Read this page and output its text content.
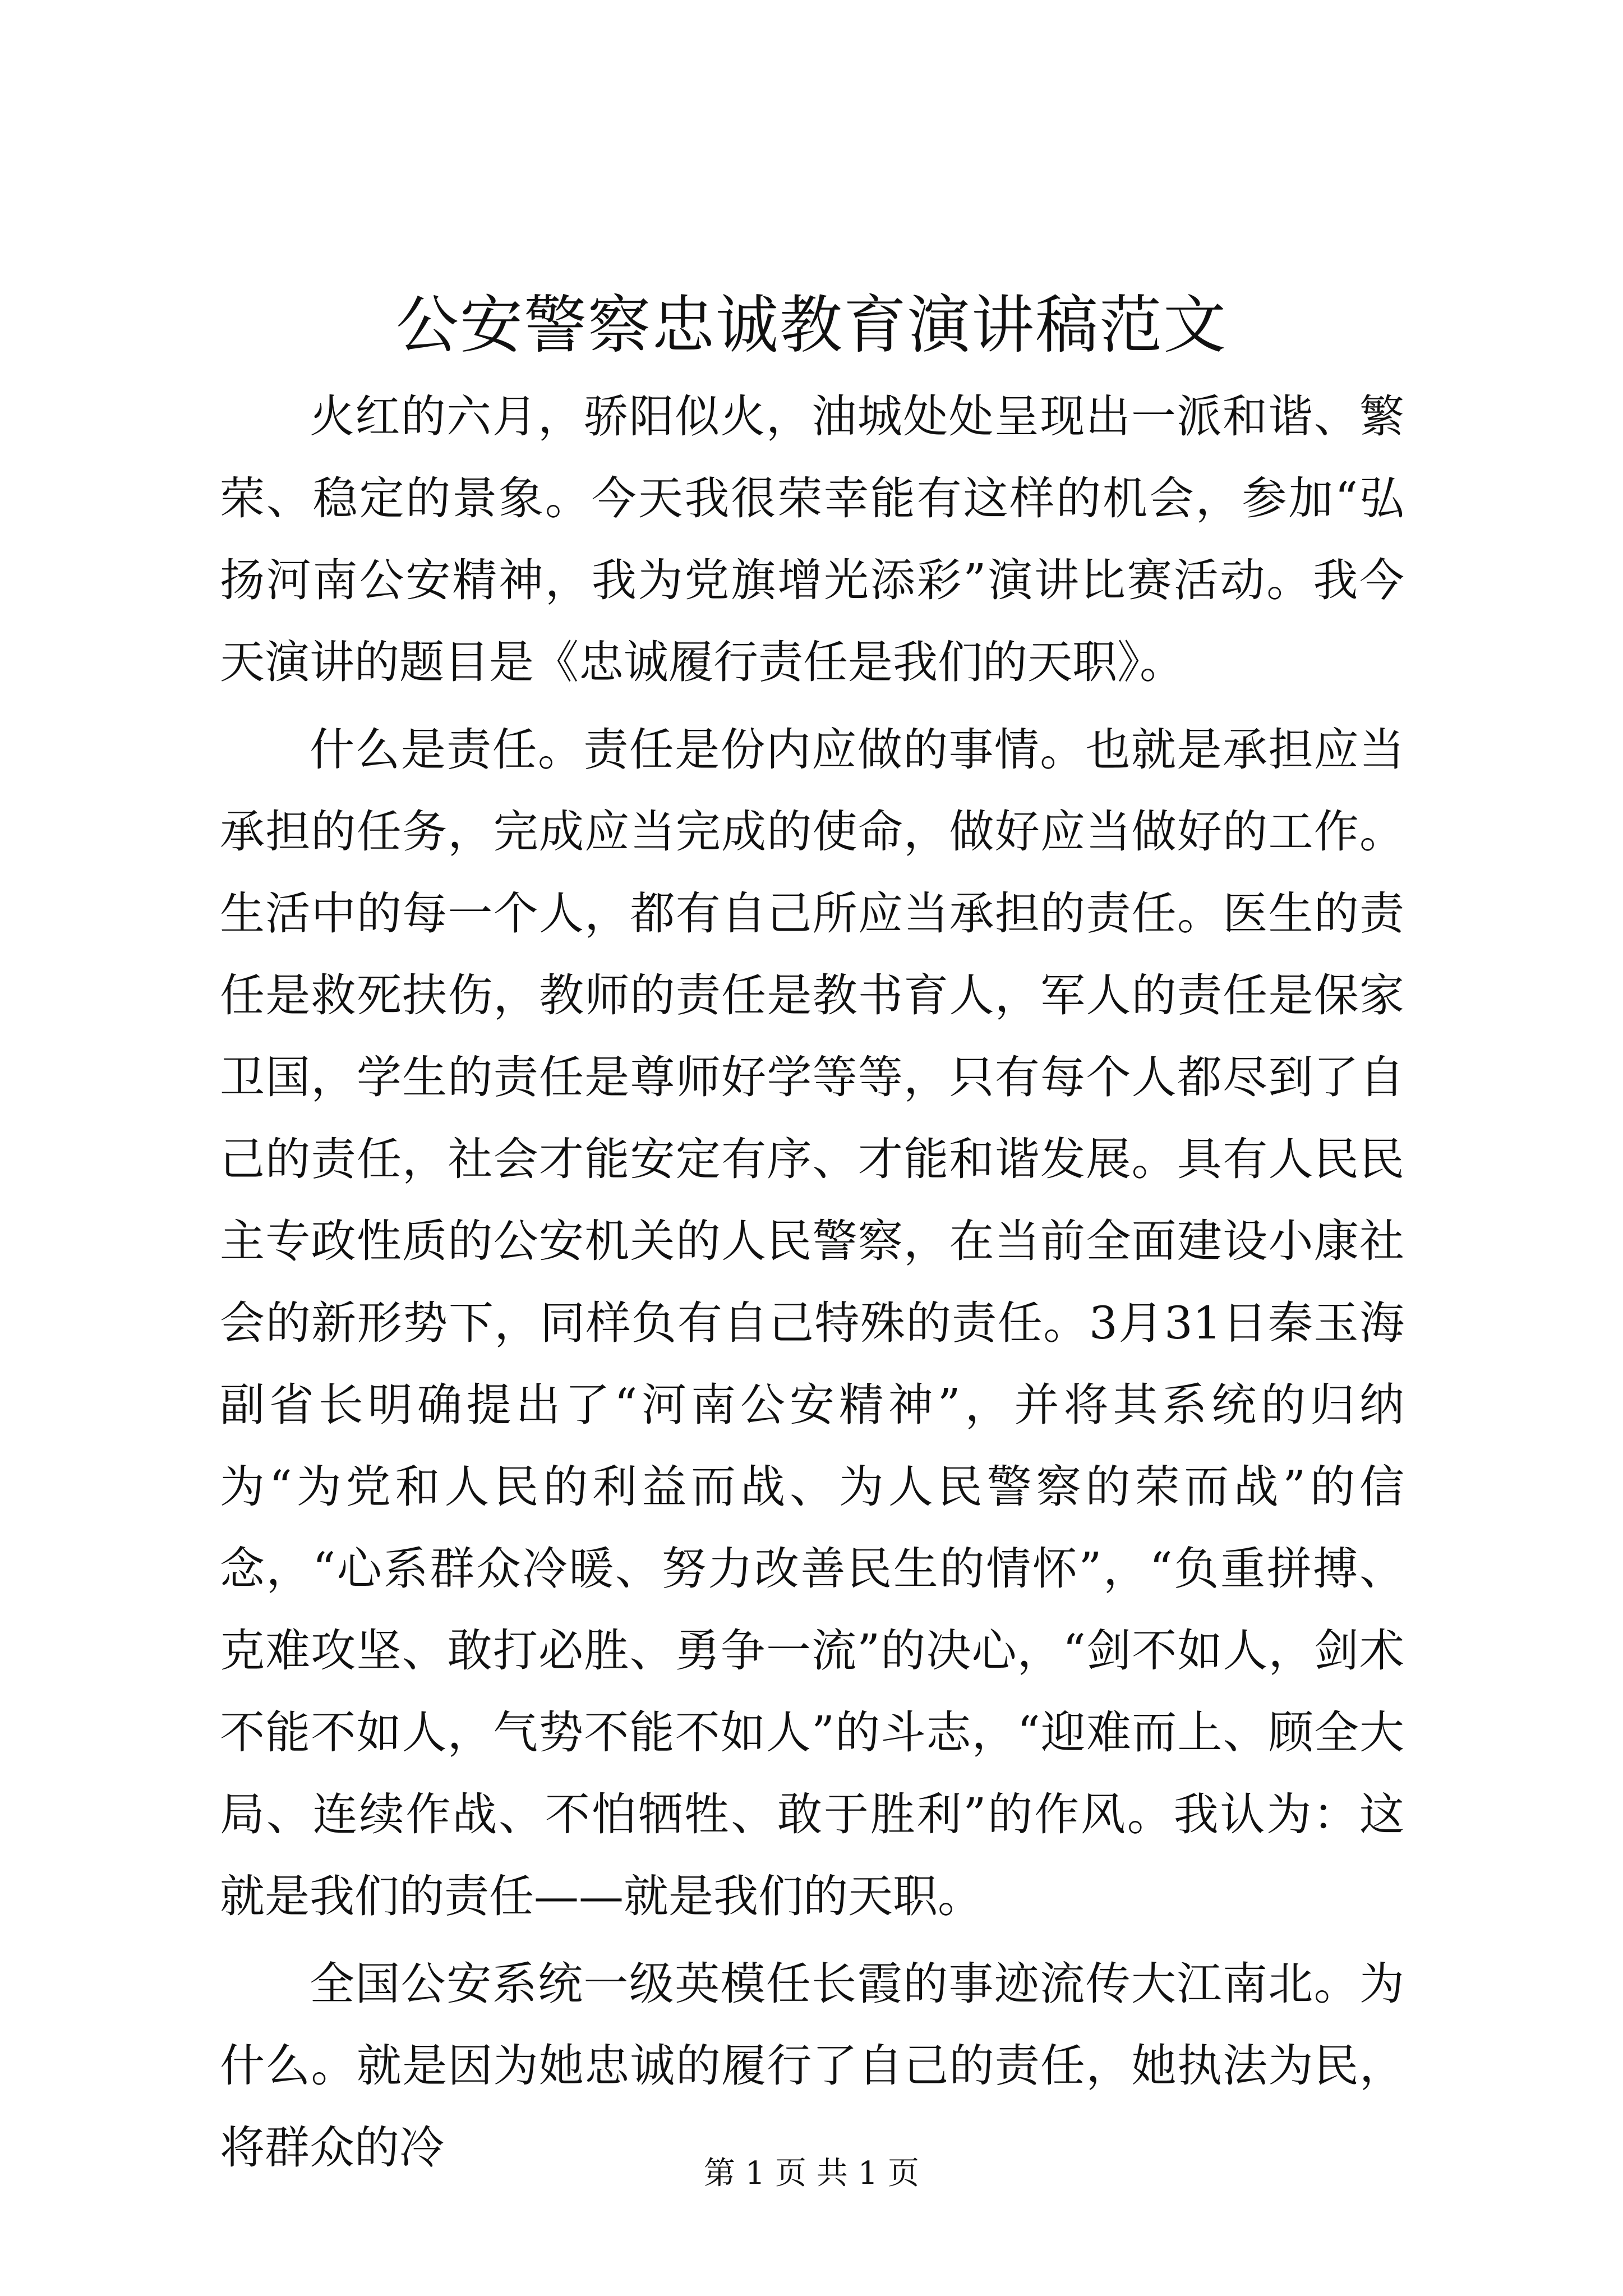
公安警察忠诚教育演讲稿范文

火红的六月，骄阳似火，油城处处呈现出一派和谐、繁荣、稳定的景象。今天我很荣幸能有这样的机会，参加“弘扬河南公安精神，我为党旗增光添彩”演讲比赛活动。我今天演讲的题目是《忠诚履行责任是我们的天职》。

什么是责任。责任是份内应做的事情。也就是承担应当承担的任务，完成应当完成的使命，做好应当做好的工作。生活中的每一个人，都有自己所应当承担的责任。医生的责任是救死扶伤，教师的责任是教书育人，军人的责任是保家卫国，学生的责任是尊师好学等等，只有每个人都尽到了自己的责任，社会才能安定有序、才能和谐发展。具有人民民主专政性质的公安机关的人民警察，在当前全面建设小康社会的新形势下，同样负有自己特殊的责任。3月31日秦玉海副省长明确提出了“河南公安精神”，并将其系统的归纳为“为党和人民的利益而战、为人民警察的荣而战”的信念，“心系群众冷暖、努力改善民生的情怀”，“负重拼搏、克难攻坚、敢打必胜、勇争一流”的决心，“剑不如人，剑术不能不如人，气势不能不如人”的斗志，“迎难而上、顾全大局、连续作战、不怕牺牲、敢于胜利”的作风。我认为：这就是我们的责任——就是我们的天职。

全国公安系统一级英模任长霞的事迹流传大江南北。为什么。就是因为她忠诚的履行了自己的责任，她执法为民，将群众的冷	第 1 页 共 1 页
